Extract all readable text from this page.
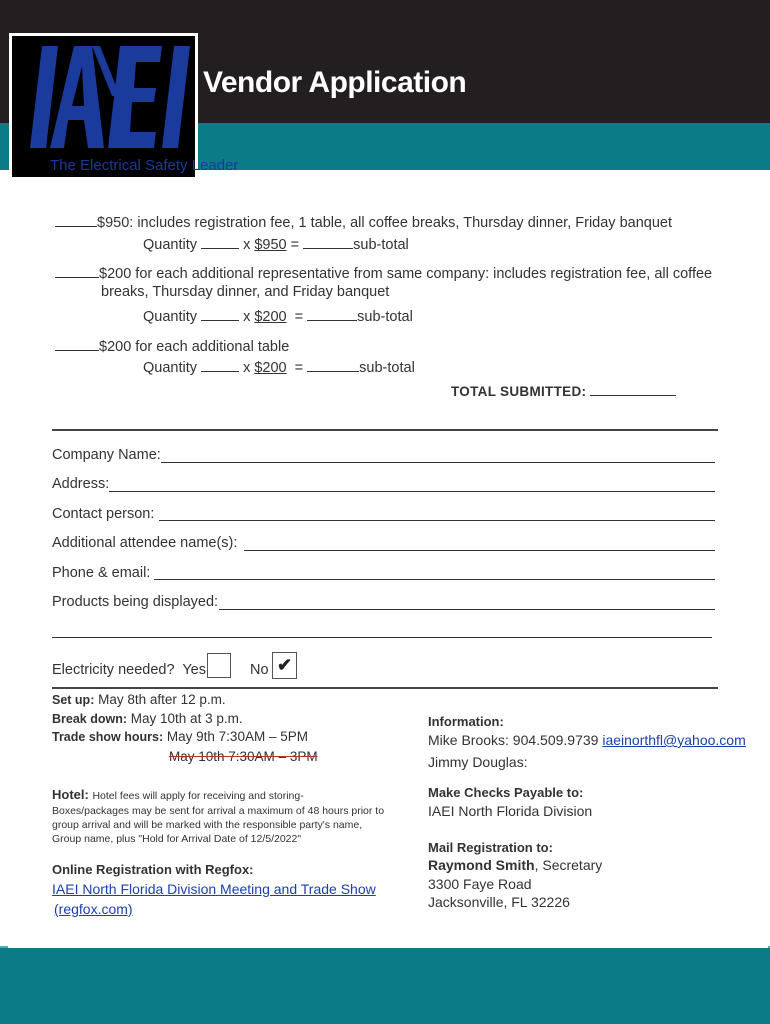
The Electrical Safety Leader
Vendor Application
$950: includes registration fee, 1 table, all coffee breaks, Thursday dinner, Friday banquet
Quantity	x $950 =	sub-total
$200 for each additional representative from same company: includes registration fee, all coffee
breaks, Thursday dinner, and Friday banquet
Quantity	x $200 =	sub-total
$200 for each additional table
Quantity	x $200 =	sub-total
TOTAL SUBMITTED:
Company Name:
Address:
Contact person:
Additional attendee name(s):
Phone & email:
Products being displayed:
Electricity needed? Yes	No ✔
Set up: May 8th after 12 p.m.
Break down: May 10th at 3 p.m.
Trade show hours: May 9th 7:30AM – 5PM
May 10th 7:30AM – 3PM
Hotel: Hotel fees will apply for receiving and storing-
Boxes/packages may be sent for arrival a maximum of 48 hours prior to
group arrival and will be marked with the responsible party's name,
Group name, plus "Hold for Arrival Date of 12/5/2022"
Online Registration with Regfox:
IAEI North Florida Division Meeting and Trade Show
(regfox.com)
Information:
Mike Brooks: 904.509.9739 iaeinorthfl@yahoo.com
Jimmy Douglas:
Make Checks Payable to:
IAEI North Florida Division
Mail Registration to:
Raymond Smith, Secretary
3300 Faye Road
Jacksonville, FL 32226
